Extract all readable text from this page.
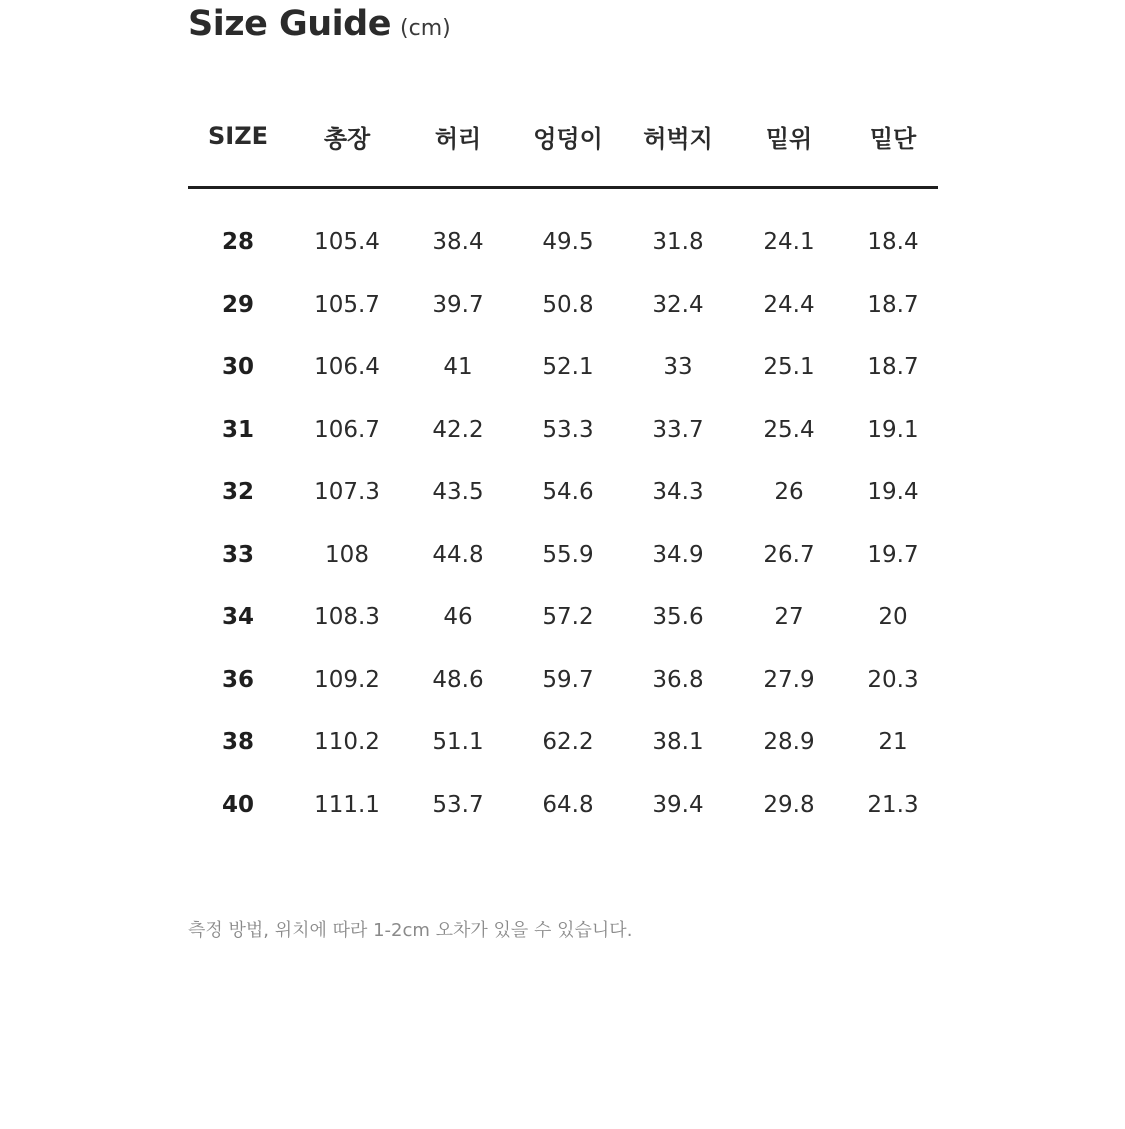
Size Guide (cm)
SIZE	총장	허리	엉덩이	허벅지	밑위	밑단
28	105.4	38.4	49.5	31.8	24.1	18.4
29	105.7	39.7	50.8	32.4	24.4	18.7
30	106.4	41	52.1	33	25.1	18.7
31	106.7	42.2	53.3	33.7	25.4	19.1
32	107.3	43.5	54.6	34.3	26	19.4
33	108	44.8	55.9	34.9	26.7	19.7
34	108.3	46	57.2	35.6	27	20
36	109.2	48.6	59.7	36.8	27.9	20.3
38	110.2	51.1	62.2	38.1	28.9	21
40	111.1	53.7	64.8	39.4	29.8	21.3
측정 방법, 위치에 따라 1-2cm 오차가 있을 수 있습니다.
